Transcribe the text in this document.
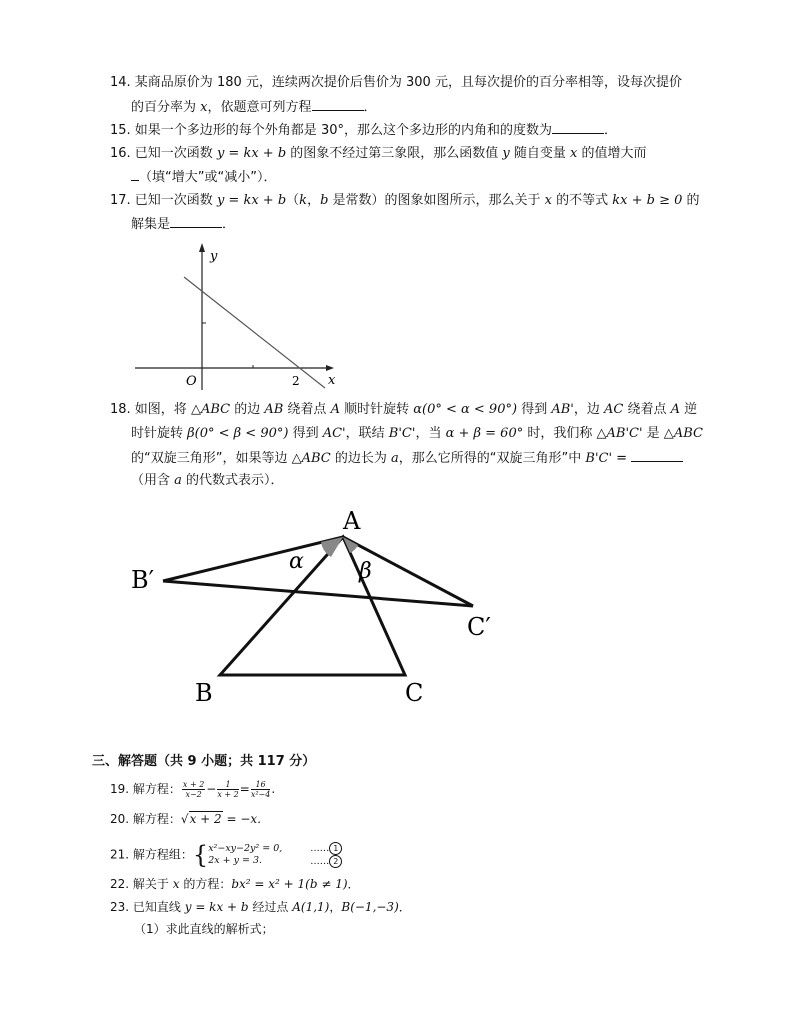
14. 某商品原价为 180 元，连续两次提价后售价为 300 元，且每次提价的百分率相等，设每次提价
的百分率为 x，依题意可列方程	．
15. 如果一个多边形的每个外角都是 30°，那么这个多边形的内角和的度数为	．
16. 已知一次函数 y = kx + b 的图象不经过第三象限，那么函数值 y 随自变量 x 的值增大而
（填“增大”或“减小”）．
17. 已知一次函数 y = kx + b（k，b 是常数）的图象如图所示，那么关于 x 的不等式 kx + b ≥ 0 的
解集是	．
y
x
O	2
18. 如图，将 △ABC 的边 AB 绕着点 A 顺时针旋转 α(0° < α < 90°) 得到 AB'，边 AC 绕着点 A 逆
时针旋转 β(0° < β < 90°) 得到 AC'，联结 B'C'，当 α + β = 60° 时，我们称 △AB'C' 是 △ABC
的“双旋三角形”，如果等边 △ABC 的边长为 a，那么它所得的“双旋三角形”中 B'C' =
（用含 a 的代数式表示）．
A
B	C
B′
C′
α	β
三、解答题（共 9 小题；共 117 分）
19. 解方程： $\frac{x + 2}{x-2} - \frac{1}{x + 2} = \frac{16}{\text{x²−4}}$ .
20. 解方程：√x + 2 = −x．
21. 解方程组：{ x²−xy−2y² = 0,
2x + y = 3.
…… 1
…… 2
22. 解关于 x 的方程：bx² = x² + 1(b ≠ 1)．
23. 已知直线 y = kx + b 经过点 A(1,1)，B(−1,−3)．
（1）求此直线的解析式；
